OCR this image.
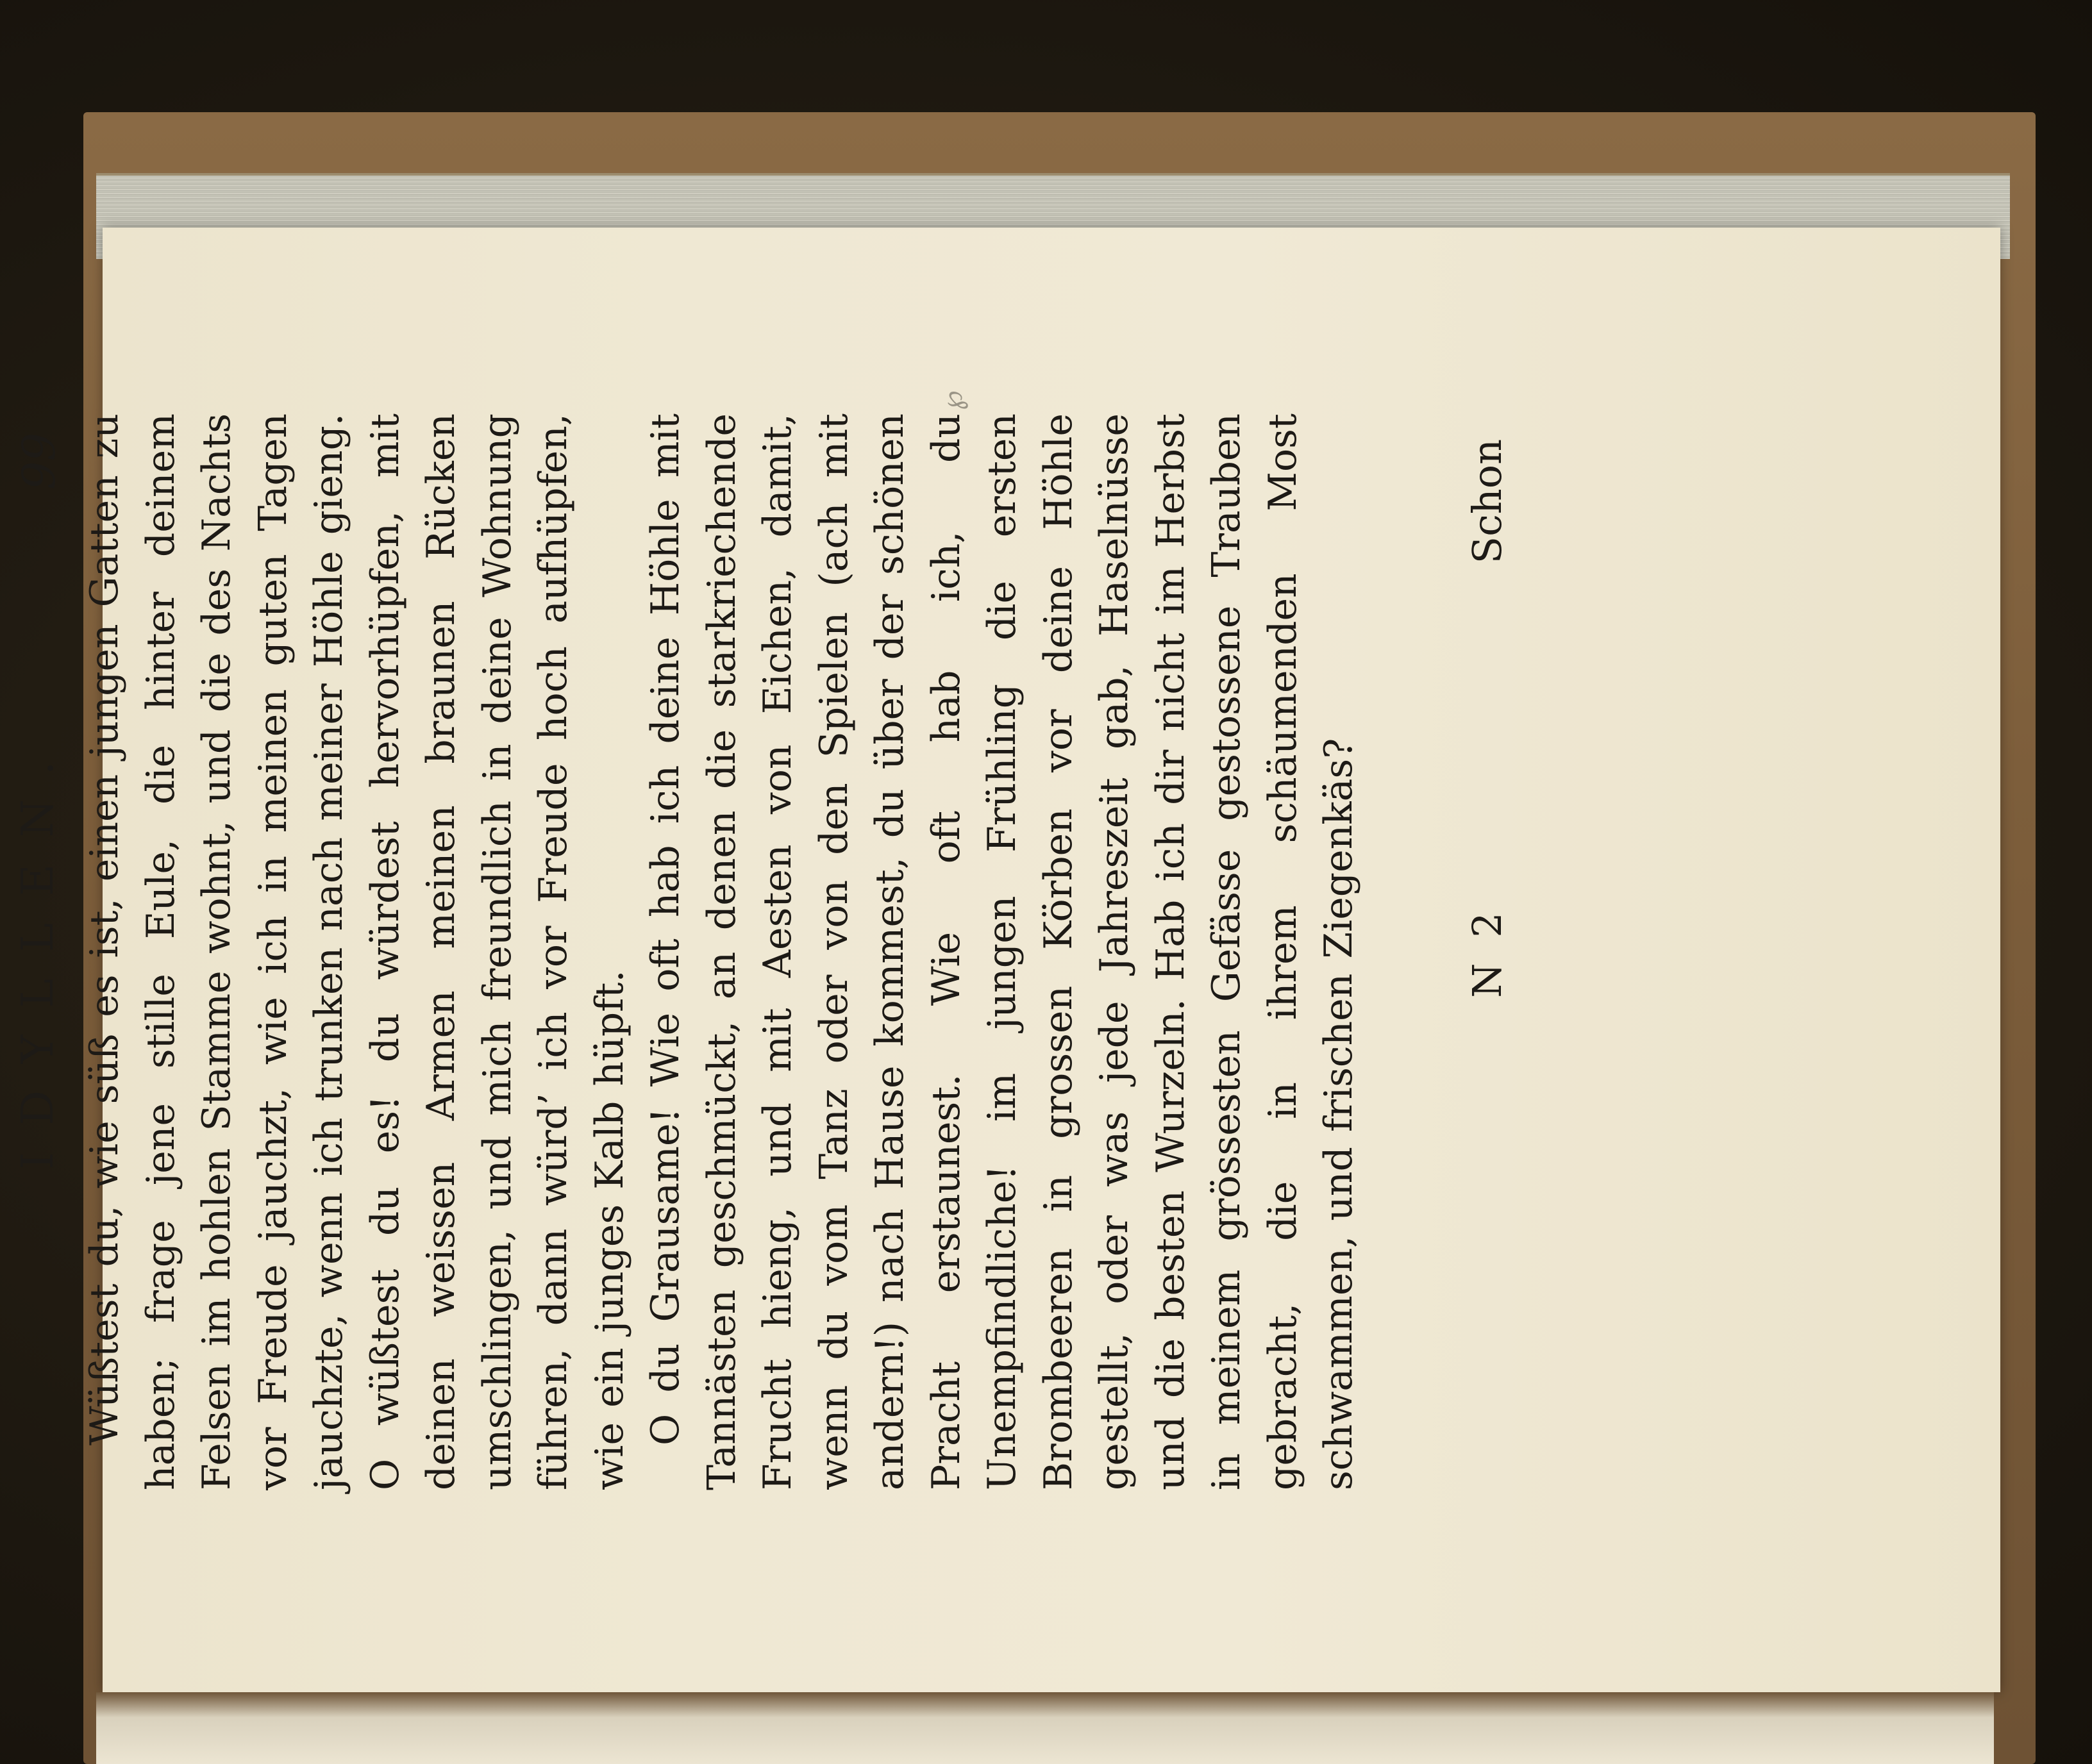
IDYLLEN.
99 Wüßtest du, wie süß es ist, einen jungen Gatten zu haben; frage jene stille Eule, die hinter deinem Felsen im hohlen Stamme wohnt, und die des Nachts vor Freude jauchzt, wie ich in meinen guten Tagen jauchzte, wenn ich trunken nach meiner Höhle gieng. O wüßtest du es! du würdest hervorhüpfen, mit deinen weissen Armen meinen braunen Rücken umschlingen, und mich freundlich in deine Wohnung führen, dann würd’ ich vor Freude hoch aufhüpfen, wie ein junges Kalb hüpft. O du Grausame! Wie oft hab ich deine Höhle mit Tannästen geschmückt, an denen die starkriechende Frucht hieng, und mit Aesten von Eichen, damit, wenn du vom Tanz oder von den Spielen (ach mit andern!) nach Hause kommest, du über der schönen Pracht erstaunest. Wie oft hab ich, du Unempfindliche! im jungen Frühling die ersten Brombeeren in grossen Körben vor deine Höhle gestellt, oder was jede Jahreszeit gab, Haselnüsse und die besten Wurzeln. Hab ich dir nicht im Herbst in meinem grössesten Gefässe gestossene Trauben gebracht, die in ihrem schäumenden Most schwammen, und frischen Ziegenkäs?	N 2
Schon
℘
